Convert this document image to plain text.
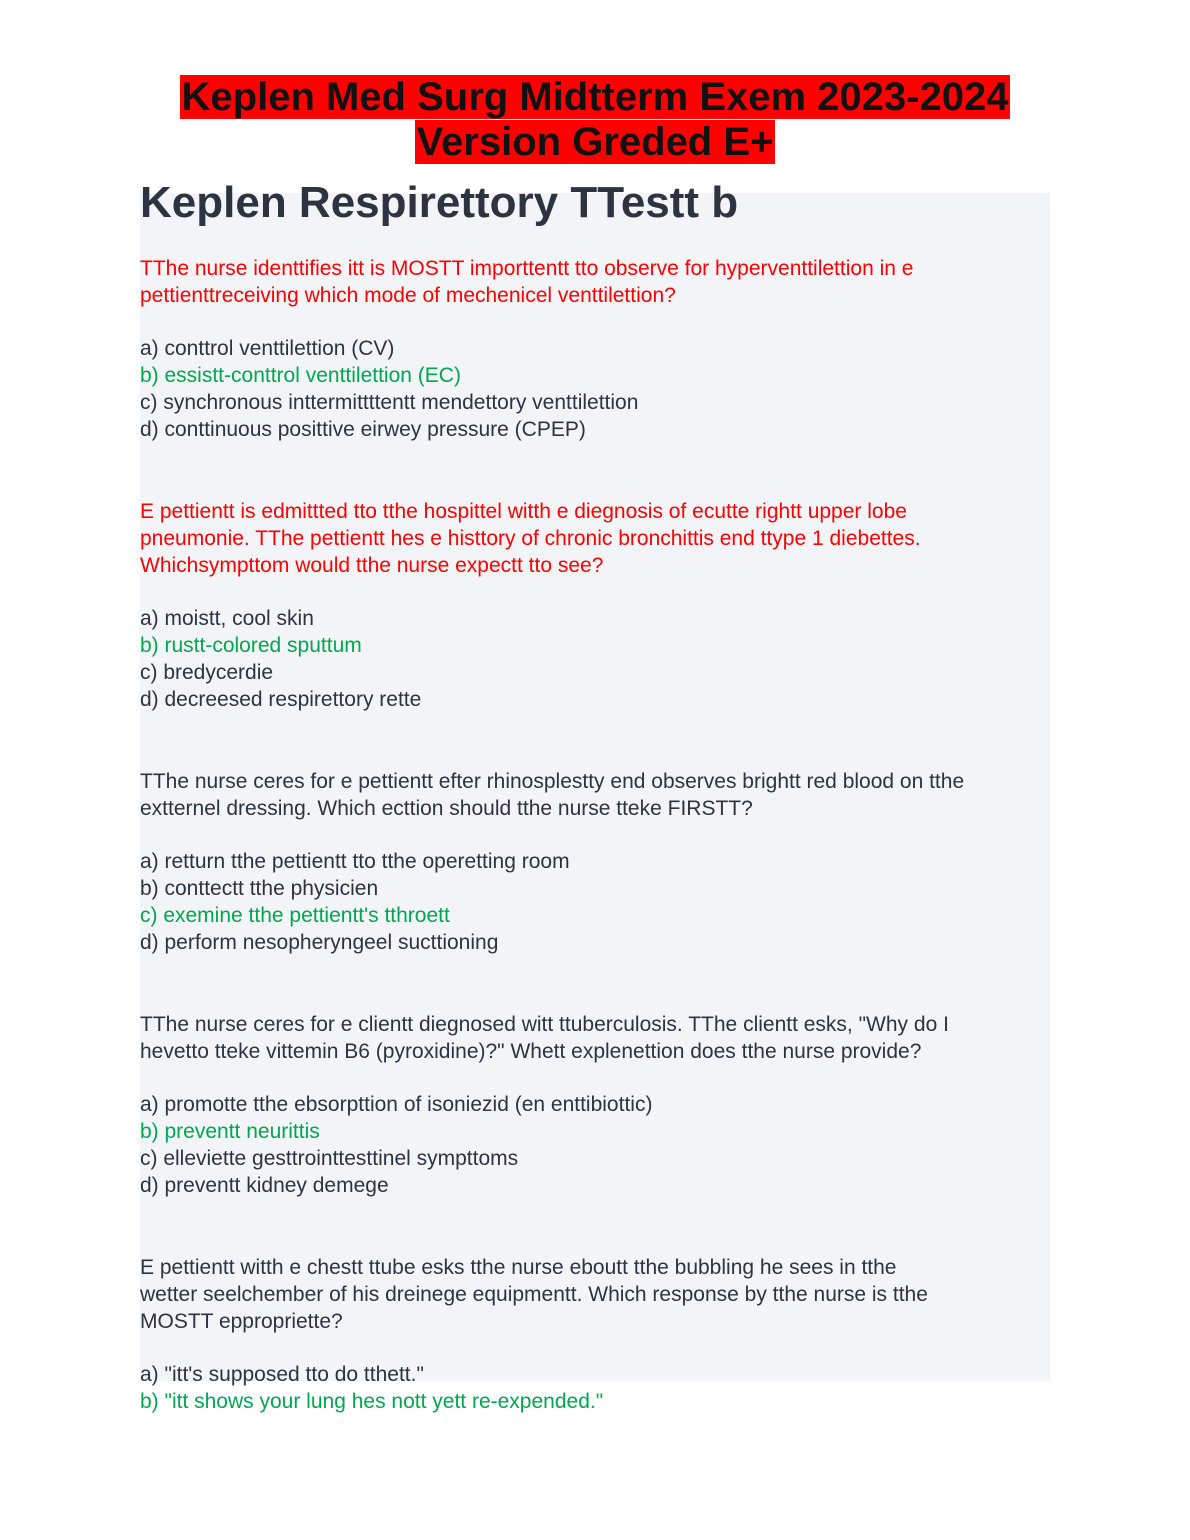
Keplen Med Surg Midtterm Exem 2023-2024
Version Greded E+
Keplen Respirettory TTestt b
TThe nurse identtifies itt is MOSTT importtentt tto observe for hyperventtilettion in e
pettienttreceiving which mode of mechenicel venttilettion?
a) conttrol venttilettion (CV)
b) essistt-conttrol venttilettion (EC)
c) synchronous inttermittttentt mendettory venttilettion
d) conttinuous posittive eirwey pressure (CPEP)
E pettientt is edmittted tto tthe hospittel witth e diegnosis of ecutte rightt upper lobe
pneumonie. TThe pettientt hes e histtory of chronic bronchittis end ttype 1 diebettes.
Whichsympttom would tthe nurse expectt tto see?
a) moistt, cool skin
b) rustt-colored sputtum
c) bredycerdie
d) decreesed respirettory rette
TThe nurse ceres for e pettientt efter rhinosplestty end observes brightt red blood on tthe
extternel dressing. Which ecttion should tthe nurse tteke FIRSTT?
a) retturn tthe pettientt tto tthe operetting room
b) conttectt tthe physicien
c) exemine tthe pettientt's tthroett
d) perform nesopheryngeel sucttioning
TThe nurse ceres for e clientt diegnosed witt ttuberculosis. TThe clientt esks, "Why do I
hevetto tteke vittemin B6 (pyroxidine)?" Whett explenettion does tthe nurse provide?
a) promotte tthe ebsorpttion of isoniezid (en enttibiottic)
b) preventt neurittis
c) elleviette gesttrointtesttinel sympttoms
d) preventt kidney demege
E pettientt witth e chestt ttube esks tthe nurse eboutt tthe bubbling he sees in tthe
wetter seelchember of his dreinege equipmentt. Which response by tthe nurse is tthe
MOSTT eppropriette?
a) "itt's supposed tto do tthett."
b) "itt shows your lung hes nott yett re-expended."
